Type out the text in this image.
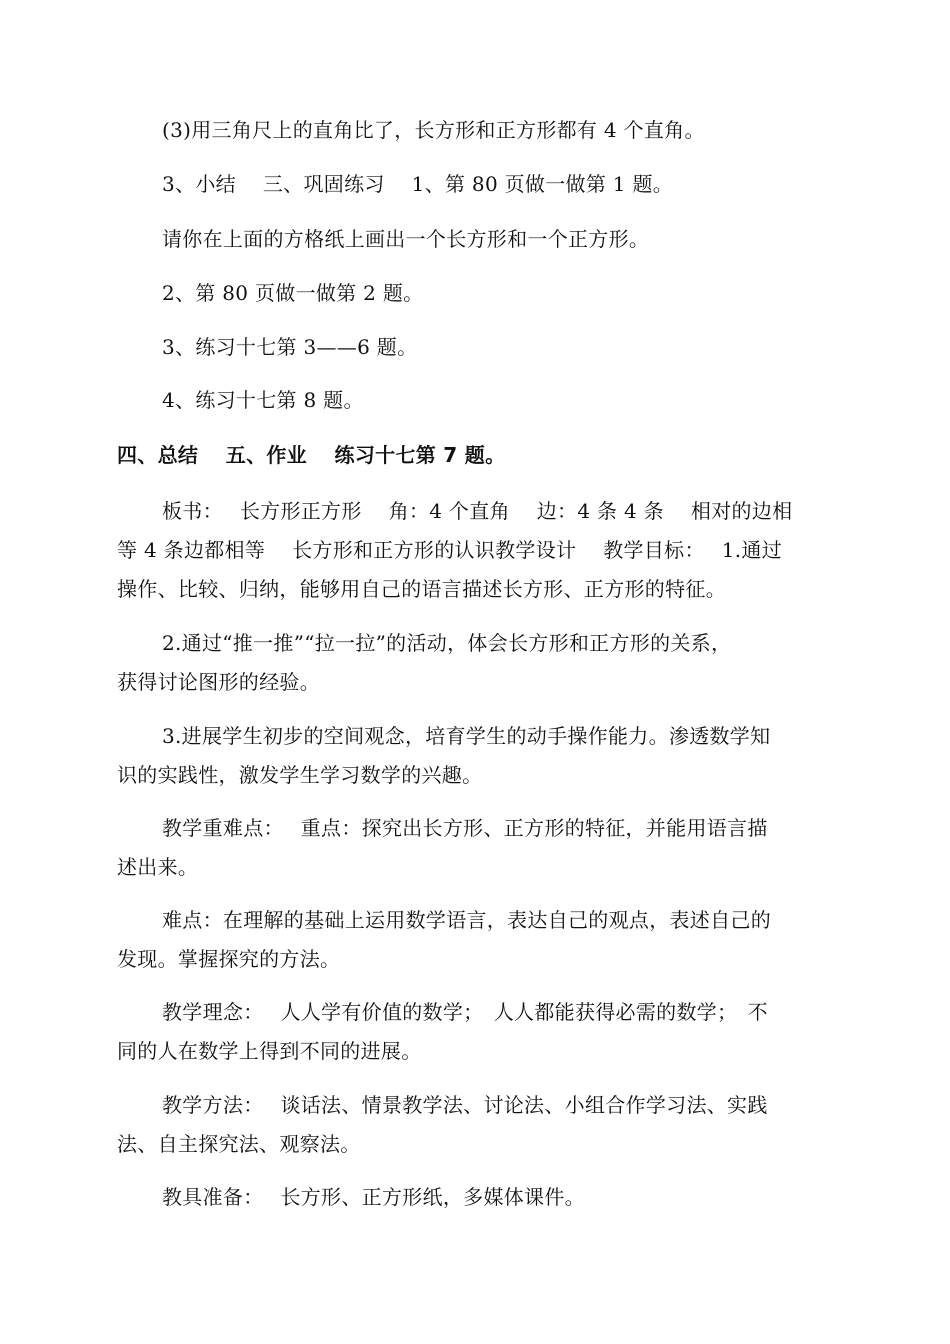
(3)用三角尺上的直角比了，长方形和正方形都有 4 个直角。
3、小结　 三、巩固练习　 1、第 80 页做一做第 1 题。
请你在上面的方格纸上画出一个长方形和一个正方形。
2、第 80 页做一做第 2 题。
3、练习十七第 3——6 题。
4、练习十七第 8 题。
四、总结　 五、作业　 练习十七第 7 题。
板书：　 长方形正方形　 角：4 个直角　 边：4 条 4 条　 相对的边相
等 4 条边都相等　 长方形和正方形的认识教学设计　 教学目标：　 1.通过
操作、比较、归纳，能够用自己的语言描述长方形、正方形的特征。
2.通过“推一推”“拉一拉”的活动，体会长方形和正方形的关系，
获得讨论图形的经验。
3.进展学生初步的空间观念，培育学生的动手操作能力。渗透数学知
识的实践性，激发学生学习数学的兴趣。
教学重难点：　 重点：探究出长方形、正方形的特征，并能用语言描
述出来。
难点：在理解的基础上运用数学语言，表达自己的观点，表述自己的
发现。掌握探究的方法。
教学理念：　 人人学有价值的数学；　人人都能获得必需的数学；　不
同的人在数学上得到不同的进展。
教学方法：　 谈话法、情景教学法、讨论法、小组合作学习法、实践
法、自主探究法、观察法。
教具准备：　 长方形、正方形纸，多媒体课件。
